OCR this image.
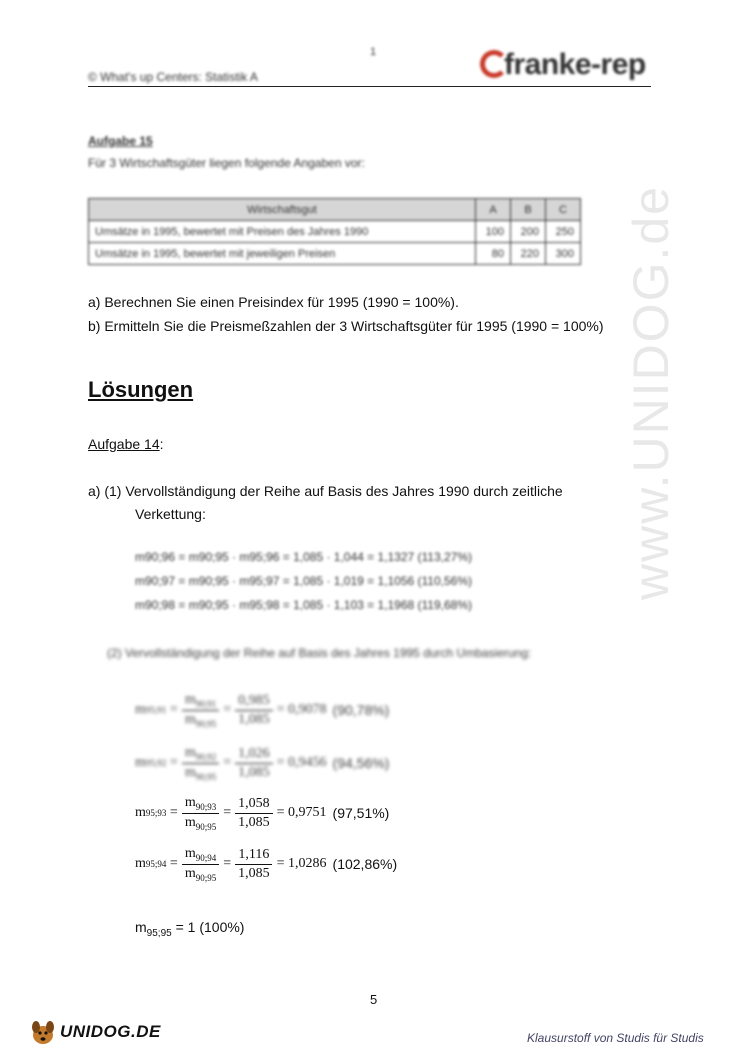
1
© What's up Centers: Statistik A	franke-rep
Aufgabe 15
Für 3 Wirtschaftsgüter liegen folgende Angaben vor:
Wirtschaftsgut	A	B	C
Umsätze in 1995, bewertet mit Preisen des Jahres 1990	100	200	250
Umsätze in 1995, bewertet mit jeweiligen Preisen	80	220	300
a) Berechnen Sie einen Preisindex für 1995 (1990 = 100%).
b) Ermitteln Sie die Preismeßzahlen der 3 Wirtschaftsgüter für 1995 (1990 = 100%)
Lösungen
Aufgabe 14:
a) (1) Vervollständigung der Reihe auf Basis des Jahres 1990 durch zeitliche
Verkettung:
m90;96 = m90;95 · m95;96 = 1,085 · 1,044 = 1,1327 (113,27%)
m90;97 = m90;95 · m95;97 = 1,085 · 1,019 = 1,1056 (110,56%)
m90;98 = m90;95 · m95;98 = 1,085 · 1,103 = 1,1968 (119,68%)
(2) Vervollständigung der Reihe auf Basis des Jahres 1995 durch Umbasierung:
m 95;91 = $\frac{m_{90;91}}{m_{90;95}} = \frac{0,985}{1,085} = 0,9078$ (90,78%)
m 95;92 = $\frac{m_{90;92}}{m_{90;95}} = \frac{1,026}{1,085} = 0,9456$ (94,56%)
m 95;93 = $\frac{m_{90;93}}{m_{90;95}} = \frac{1,058}{1,085} = 0,9751$ (97,51%)
m 95;94 = $\frac{m_{90;94}}{m_{90;95}} = \frac{1,116}{1,085} = 1,0286$ (102,86%)
$m_{95;95} = 1$ (100%)
www.UNIDOG.de
5
UNIDOG.DE	Klausurstoff von Studis für Studis
